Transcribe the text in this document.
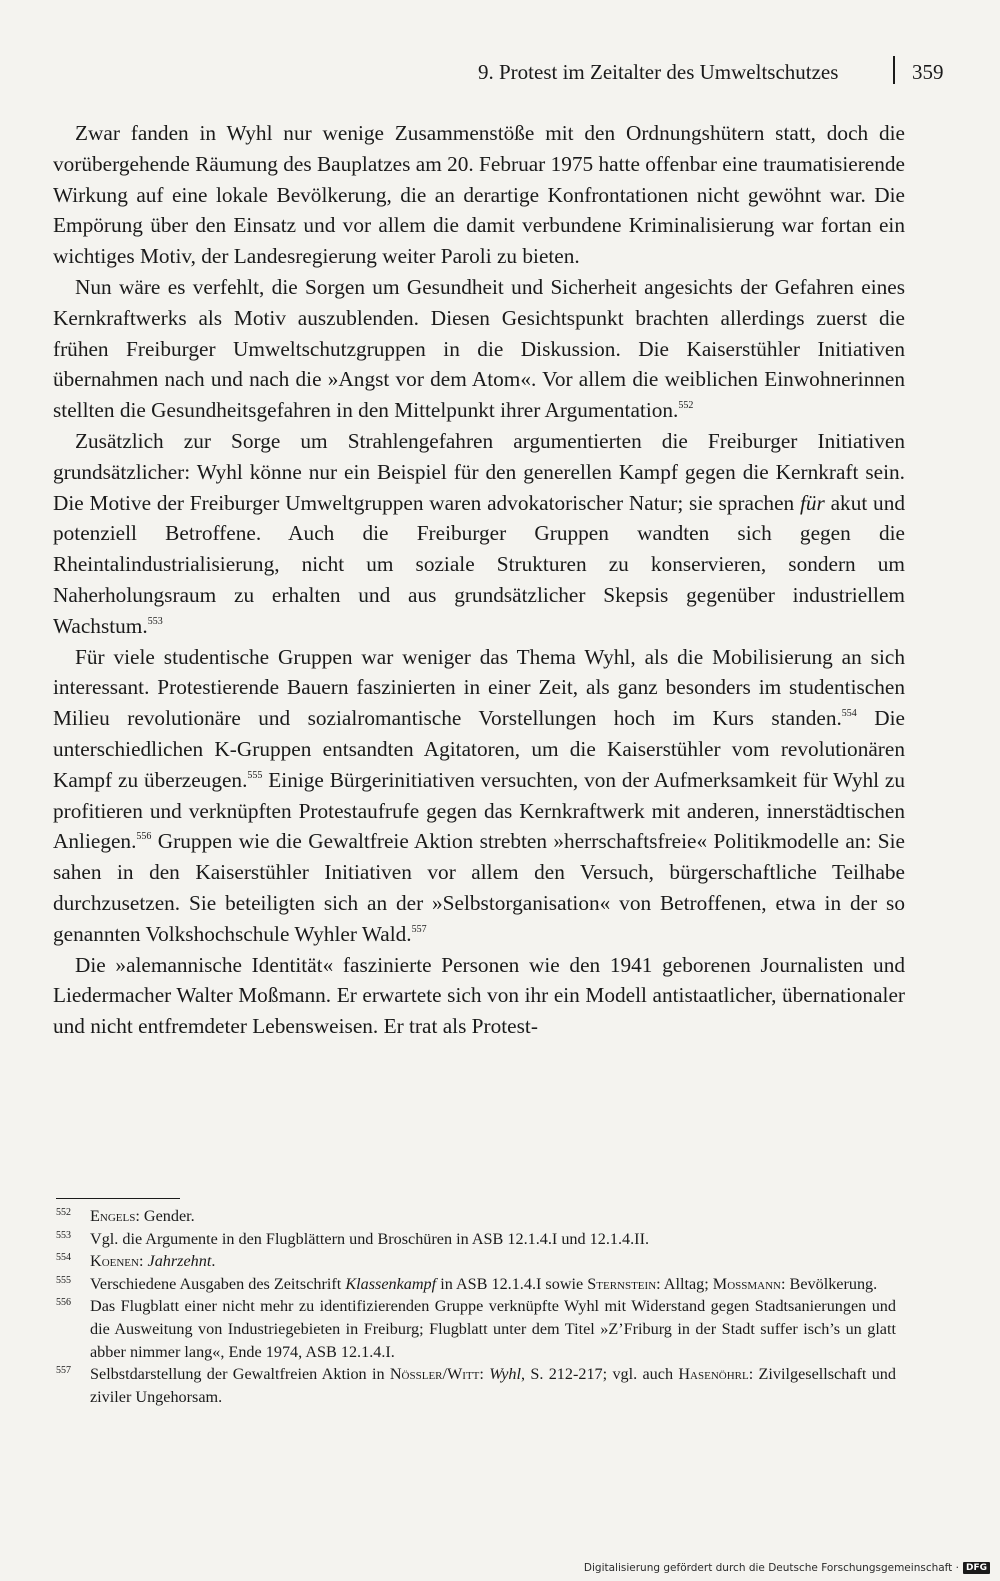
9. Protest im Zeitalter des Umweltschutzes	359

Zwar fanden in Wyhl nur wenige Zusammenstöße mit den Ordnungshütern statt, doch die vorübergehende Räumung des Bauplatzes am 20. Februar 1975 hatte offenbar eine traumatisierende Wirkung auf eine lokale Bevölkerung, die an derartige Konfrontationen nicht gewöhnt war. Die Empörung über den Einsatz und vor allem die damit verbundene Kriminalisierung war fortan ein wichtiges Motiv, der Landesregierung weiter Paroli zu bieten.

Nun wäre es verfehlt, die Sorgen um Gesundheit und Sicherheit angesichts der Gefahren eines Kernkraftwerks als Motiv auszublenden. Diesen Gesichtspunkt brachten allerdings zuerst die frühen Freiburger Umweltschutzgruppen in die Diskussion. Die Kaiserstühler Initiativen übernahmen nach und nach die »Angst vor dem Atom«. Vor allem die weiblichen Einwohnerinnen stellten die Gesundheitsgefahren in den Mittelpunkt ihrer Argumentation.$^{552}$

Zusätzlich zur Sorge um Strahlengefahren argumentierten die Freiburger Initiativen grundsätzlicher: Wyhl könne nur ein Beispiel für den generellen Kampf gegen die Kernkraft sein. Die Motive der Freiburger Umweltgruppen waren advokatorischer Natur; sie sprachen für akut und potenziell Betroffene. Auch die Freiburger Gruppen wandten sich gegen die Rheintalindustrialisierung, nicht um soziale Strukturen zu konservieren, sondern um Naherholungsraum zu erhalten und aus grundsätzlicher Skepsis gegenüber industriellem Wachstum.$^{553}$

Für viele studentische Gruppen war weniger das Thema Wyhl, als die Mobilisierung an sich interessant. Protestierende Bauern faszinierten in einer Zeit, als ganz besonders im studentischen Milieu revolutionäre und sozialromantische Vorstellungen hoch im Kurs standen.$^{554}$ Die unterschiedlichen K-Gruppen entsandten Agitatoren, um die Kaiserstühler vom revolutionären Kampf zu überzeugen.$^{555}$ Einige Bürgerinitiativen versuchten, von der Aufmerksamkeit für Wyhl zu profitieren und verknüpften Protestaufrufe gegen das Kernkraftwerk mit anderen, innerstädtischen Anliegen.$^{556}$ Gruppen wie die Gewaltfreie Aktion strebten »herrschaftsfreie« Politikmodelle an: Sie sahen in den Kaiserstühler Initiativen vor allem den Versuch, bürgerschaftliche Teilhabe durchzusetzen. Sie beteiligten sich an der »Selbstorganisation« von Betroffenen, etwa in der so genannten Volkshochschule Wyhler Wald.$^{557}$

Die »alemannische Identität« faszinierte Personen wie den 1941 geborenen Journalisten und Liedermacher Walter Moßmann. Er erwartete sich von ihr ein Modell antistaatlicher, übernationaler und nicht entfremdeter Lebensweisen. Er trat als Protest-

552 Engels: Gender.
553 Vgl. die Argumente in den Flugblättern und Broschüren in ASB 12.1.4.I und 12.1.4.II.
554 Koenen: Jahrzehnt.
555 Verschiedene Ausgaben des Zeitschrift Klassenkampf in ASB 12.1.4.I sowie Sternstein: Alltag; Mossmann: Bevölkerung.
556 Das Flugblatt einer nicht mehr zu identifizierenden Gruppe verknüpfte Wyhl mit Widerstand gegen Stadtsanierungen und die Ausweitung von Industriegebieten in Freiburg; Flugblatt unter dem Titel »Z’Friburg in der Stadt suffer isch’s un glatt abber nimmer lang«, Ende 1974, ASB 12.1.4.I.
557 Selbstdarstellung der Gewaltfreien Aktion in Nössler/Witt: Wyhl, S. 212-217; vgl. auch Hasenöhrl: Zivilgesellschaft und ziviler Ungehorsam.
Digitalisierung gefördert durch die Deutsche Forschungsgemeinschaft · DFG
